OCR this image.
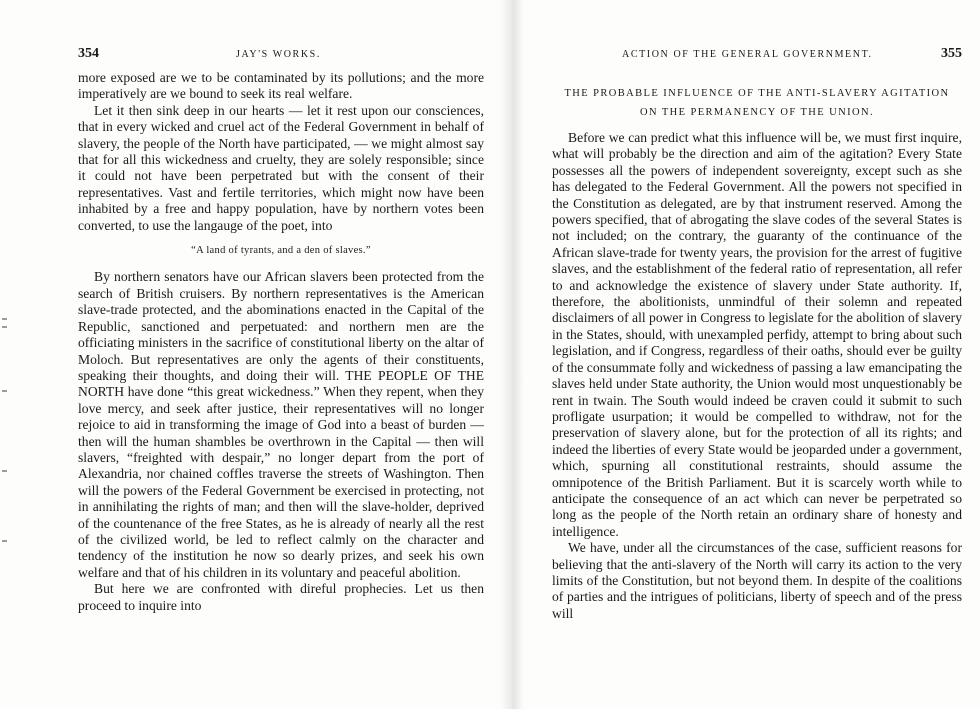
354	JAY'S WORKS.

more exposed are we to be contaminated by its pollutions; and the more imperatively are we bound to seek its real welfare.

Let it then sink deep in our hearts — let it rest upon our consciences, that in every wicked and cruel act of the Federal Government in behalf of slavery, the people of the North have participated, — we might almost say that for all this wickedness and cruelty, they are solely responsible; since it could not have been perpetrated but with the consent of their representatives. Vast and fertile territories, which might now have been inhabited by a free and happy population, have by northern votes been converted, to use the langauge of the poet, into

“A land of tyrants, and a den of slaves.”

By northern senators have our African slavers been protected from the search of British cruisers. By northern representatives is the American slave-trade protected, and the abominations enacted in the Capital of the Republic, sanctioned and perpetuated: and northern men are the officiating ministers in the sacrifice of constitutional liberty on the altar of Moloch. But representatives are only the agents of their constituents, speaking their thoughts, and doing their will. THE PEOPLE OF THE NORTH have done “this great wickedness.” When they repent, when they love mercy, and seek after justice, their representatives will no longer rejoice to aid in transforming the image of God into a beast of burden — then will the human shambles be overthrown in the Capital — then will slavers, “freighted with despair,” no longer depart from the port of Alexandria, nor chained coffles traverse the streets of Washington. Then will the powers of the Federal Government be exercised in protecting, not in annihilating the rights of man; and then will the slave-holder, deprived of the countenance of the free States, as he is already of nearly all the rest of the civilized world, be led to reflect calmly on the character and tendency of the institution he now so dearly prizes, and seek his own welfare and that of his children in its voluntary and peaceful abolition.

But here we are confronted with direful prophecies. Let us then proceed to inquire into

ACTION OF THE GENERAL GOVERNMENT.	355
THE PROBABLE INFLUENCE OF THE ANTI-SLAVERY AGITATION
ON THE PERMANENCY OF THE UNION.

Before we can predict what this influence will be, we must first inquire, what will probably be the direction and aim of the agitation? Every State possesses all the powers of independent sovereignty, except such as she has delegated to the Federal Government. All the powers not specified in the Constitution as delegated, are by that instrument reserved. Among the powers specified, that of abrogating the slave codes of the several States is not included; on the contrary, the guaranty of the continuance of the African slave-trade for twenty years, the provision for the arrest of fugitive slaves, and the establishment of the federal ratio of representation, all refer to and acknowledge the existence of slavery under State authority. If, therefore, the abolitionists, unmindful of their solemn and repeated disclaimers of all power in Congress to legislate for the abolition of slavery in the States, should, with unexampled perfidy, attempt to bring about such legislation, and if Congress, regardless of their oaths, should ever be guilty of the consummate folly and wickedness of passing a law emancipating the slaves held under State authority, the Union would most unquestionably be rent in twain. The South would indeed be craven could it submit to such profligate usurpation; it would be compelled to withdraw, not for the preservation of slavery alone, but for the protection of all its rights; and indeed the liberties of every State would be jeoparded under a government, which, spurning all constitutional restraints, should assume the omnipotence of the British Parliament. But it is scarcely worth while to anticipate the consequence of an act which can never be perpetrated so long as the people of the North retain an ordinary share of honesty and intelligence.

We have, under all the circumstances of the case, sufficient reasons for believing that the anti-slavery of the North will carry its action to the very limits of the Constitution, but not beyond them. In despite of the coalitions of parties and the intrigues of politicians, liberty of speech and of the press will
